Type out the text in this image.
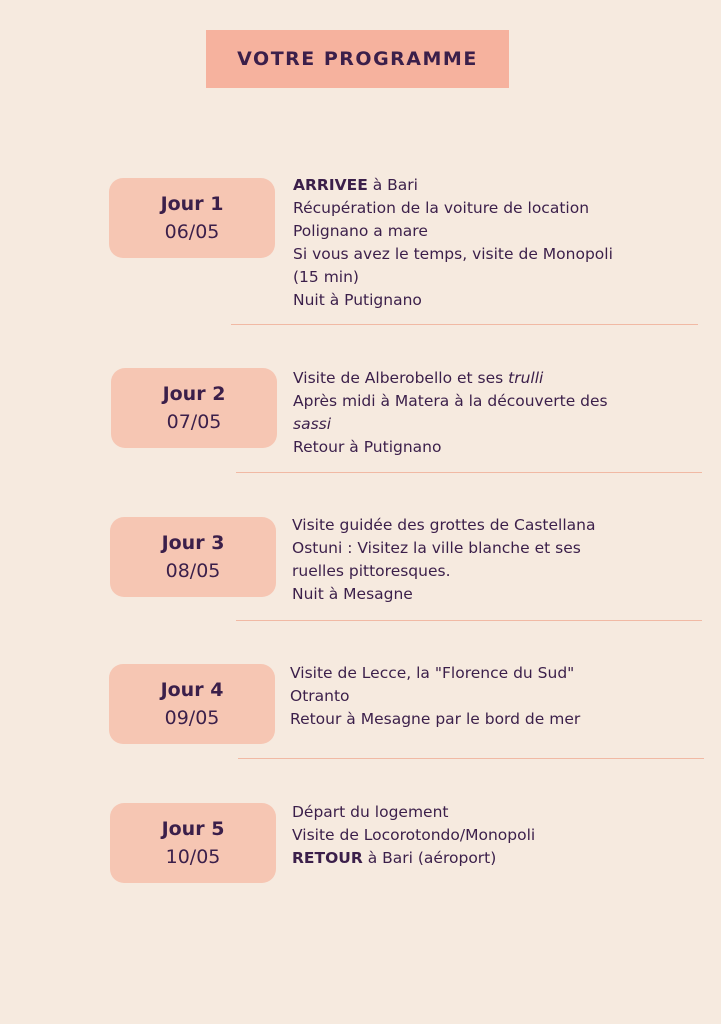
VOTRE PROGRAMME
Jour 1
06/05
ARRIVEE à Bari
Récupération de la voiture de location
Polignano a mare
Si vous avez le temps, visite de Monopoli
(15 min)
Nuit à Putignano
Jour 2
07/05
Visite de Alberobello et ses trulli
Après midi à Matera à la découverte des
sassi
Retour à Putignano
Jour 3
08/05
Visite guidée des grottes de Castellana
Ostuni : Visitez la ville blanche et ses
ruelles pittoresques.
Nuit à Mesagne
Jour 4
09/05
Visite de Lecce, la "Florence du Sud"
Otranto
Retour à Mesagne par le bord de mer
Jour 5
10/05
Départ du logement
Visite de Locorotondo/Monopoli
RETOUR à Bari (aéroport)
